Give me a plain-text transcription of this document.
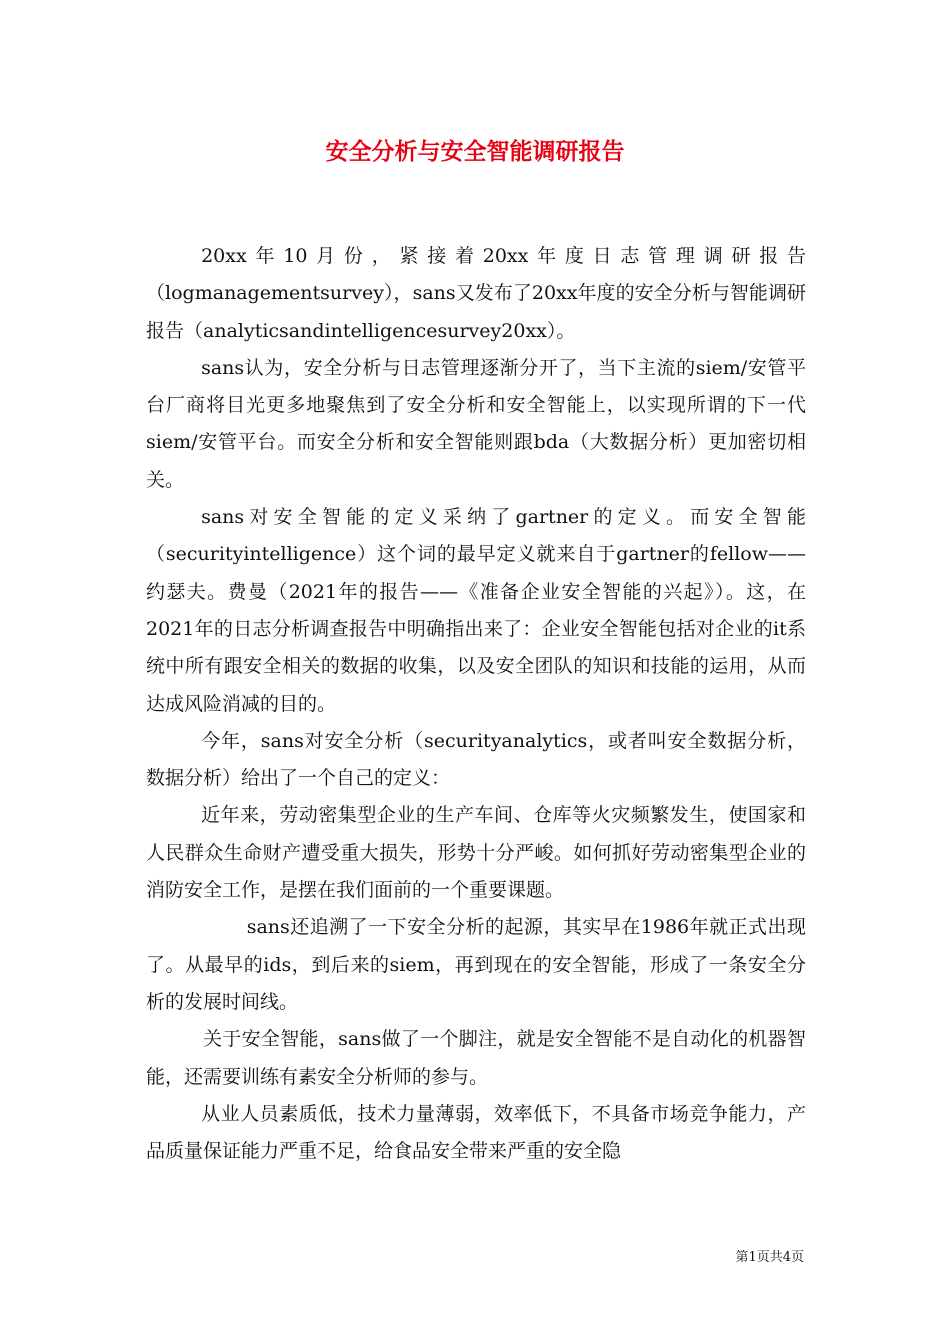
安全分析与安全智能调研报告

20xx年10月份，紧接着20xx年度日志管理调研报告（logmanagementsurvey），sans又发布了20xx年度的安全分析与智能调研报告（analyticsandintelligencesurvey20xx）。

sans认为，安全分析与日志管理逐渐分开了，当下主流的siem/安管平台厂商将目光更多地聚焦到了安全分析和安全智能上，以实现所谓的下一代siem/安管平台。而安全分析和安全智能则跟bda（大数据分析）更加密切相关。

sans对安全智能的定义采纳了gartner的定义。而安全智能（securityintelligence）这个词的最早定义就来自于gartner的fellow——约瑟夫。费曼（2021年的报告——《准备企业安全智能的兴起》）。这，在2021年的日志分析调查报告中明确指出来了：企业安全智能包括对企业的it系统中所有跟安全相关的数据的收集，以及安全团队的知识和技能的运用，从而达成风险消减的目的。

今年，sans对安全分析（securityanalytics，或者叫安全数据分析，数据分析）给出了一个自己的定义：

近年来，劳动密集型企业的生产车间、仓库等火灾频繁发生，使国家和人民群众生命财产遭受重大损失，形势十分严峻。如何抓好劳动密集型企业的消防安全工作，是摆在我们面前的一个重要课题。

sans还追溯了一下安全分析的起源，其实早在1986年就正式出现了。从最早的ids，到后来的siem，再到现在的安全智能，形成了一条安全分析的发展时间线。

关于安全智能，sans做了一个脚注，就是安全智能不是自动化的机器智能，还需要训练有素安全分析师的参与。

从业人员素质低，技术力量薄弱，效率低下，不具备市场竞争能力，产品质量保证能力严重不足，给食品安全带来严重的安全隐

第1页共4页
